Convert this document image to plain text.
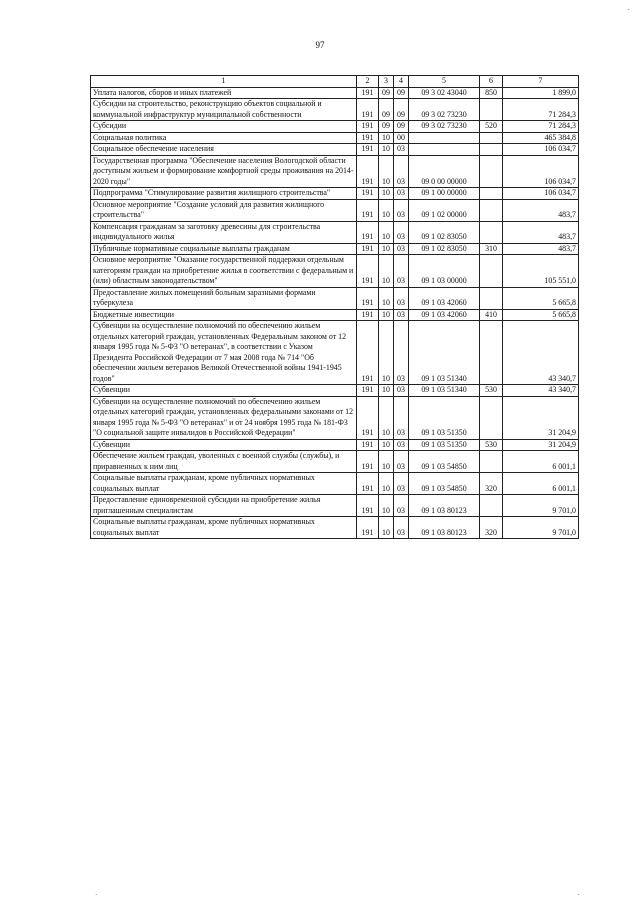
97
1	2	3	4	5	6	7
Уплата налогов, сборов и иных платежей	191	09	09	09 3 02 43040	850	1 899,0
Субсидии на строительство, реконструкцию объектов социальной и коммунальной инфраструктур муниципальной собственности	191	09	09	09 3 02 73230		71 284,3
Субсидии	191	09	09	09 3 02 73230	520	71 284,3
Социальная политика	191	10	00			465 384,8
Социальное обеспечение населения	191	10	03			106 034,7
Государственная программа "Обеспечение населения Вологодской области доступным жильем и формирование комфортной среды проживания на 2014-2020 годы"	191	10	03	09 0 00 00000		106 034,7
Подпрограмма "Стимулирование развития жилищного строительства"	191	10	03	09 1 00 00000		106 034,7
Основное мероприятие "Создание условий для развития жилищного строительства"	191	10	03	09 1 02 00000		483,7
Компенсация гражданам за заготовку древесины для строительства индивидуального жилья	191	10	03	09 1 02 83050		483,7
Публичные нормативные социальные выплаты гражданам	191	10	03	09 1 02 83050	310	483,7
Основное мероприятие "Оказание государственной поддержки отдельным категориям граждан на приобретение жилья в соответствии с федеральным и (или) областным законодательством"	191	10	03	09 1 03 00000		105 551,0
Предоставление жилых помещений больным заразными формами туберкулеза	191	10	03	09 1 03 42060		5 665,8
Бюджетные инвестиции	191	10	03	09 1 03 42060	410	5 665,8
Субвенции на осуществление полномочий по обеспечению жильем отдельных категорий граждан, установленных Федеральным законом от 12 января 1995 года № 5-ФЗ "О ветеранах", в соответствии с Указом Президента Российской Федерации от 7 мая 2008 года № 714 "Об обеспечении жильем ветеранов Великой Отечественной войны 1941-1945 годов"	191	10	03	09 1 03 51340		43 340,7
Субвенции	191	10	03	09 1 03 51340	530	43 340,7
Субвенции на осуществление полномочий по обеспечению жильем отдельных категорий граждан, установленных федеральными законами от 12 января 1995 года № 5-ФЗ "О ветеранах" и от 24 ноября 1995 года № 181-ФЗ "О социальной защите инвалидов в Российской Федерации"	191	10	03	09 1 03 51350		31 204,9
Субвенции	191	10	03	09 1 03 51350	530	31 204,9
Обеспечение жильем граждан, уволенных с военной службы (службы), и приравненных к ним лиц	191	10	03	09 1 03 54850		6 001,1
Социальные выплаты гражданам, кроме публичных нормативных социальных выплат	191	10	03	09 1 03 54850	320	6 001,1
Предоставление единовременной субсидии на приобретение жилья приглашенным специалистам	191	10	03	09 1 03 80123		9 701,0
Социальные выплаты гражданам, кроме публичных нормативных социальных выплат	191	10	03	09 1 03 80123	320	9 701,0
·
·	·
